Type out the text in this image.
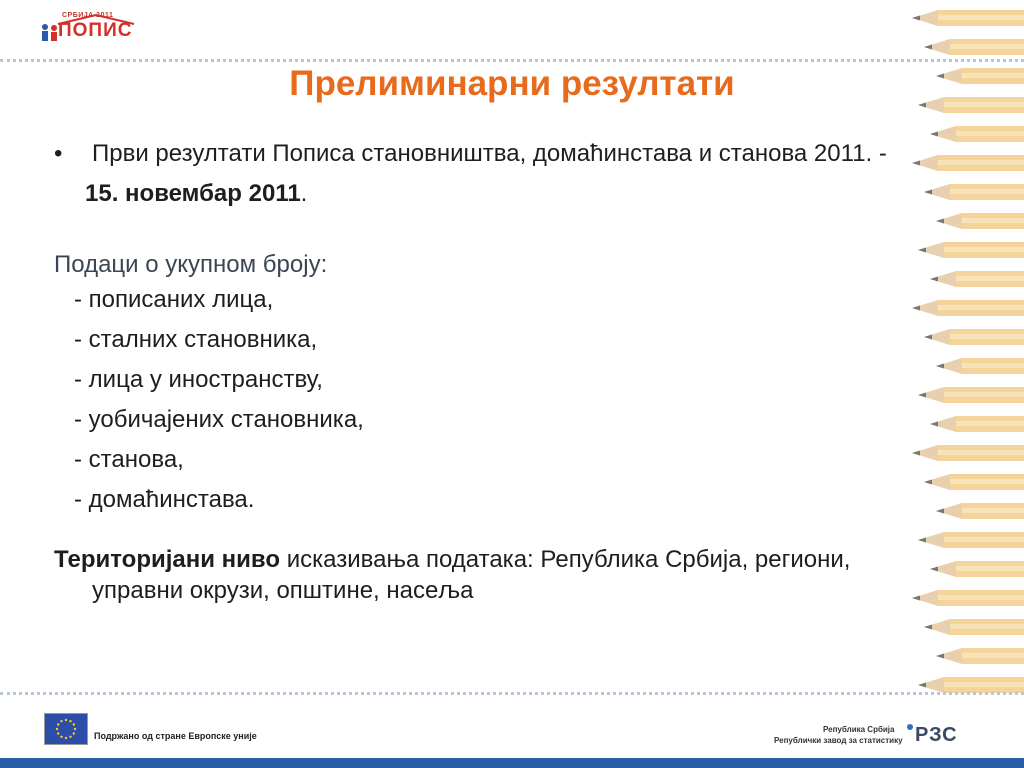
СРБИЈА 2011
ПОПИС
Прелиминарни резултати
• Први резултати Пописа становништва, домаћинстава и станова 2011. -
15. новембар 2011.
Подаци о укупном броју:
- пописаних лица,
- сталних становника,
- лица у иностранству,
- уобичајених становника,
- станова,
- домаћинстава.
Територијани ниво исказивања података: Република Србија, региони, управни окрузи, општине, насеља
Подржано од стране Европске уније
Република Србија
Републички завод за статистику РЗС
